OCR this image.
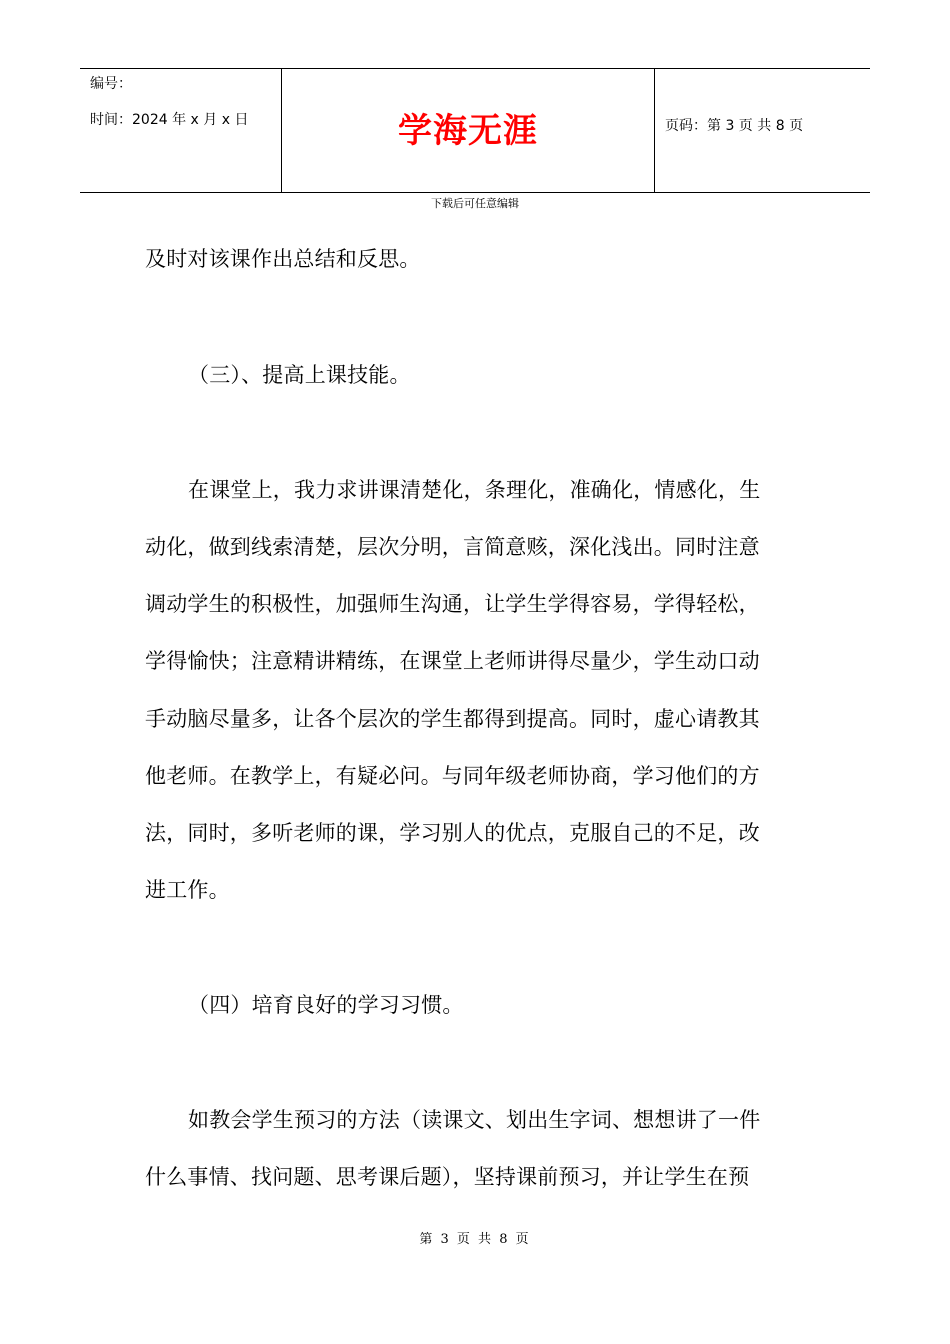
编号：
时间：2024 年 x 月 x 日	学海无涯	页码：第 3 页 共 8 页
下载后可任意编辑
及时对该课作出总结和反思。
（三）、提高上课技能。
在课堂上，我力求讲课清楚化，条理化，准确化，情感化，生
动化，做到线索清楚，层次分明，言简意赅，深化浅出。同时注意
调动学生的积极性，加强师生沟通，让学生学得容易，学得轻松，
学得愉快；注意精讲精练，在课堂上老师讲得尽量少，学生动口动
手动脑尽量多，让各个层次的学生都得到提高。同时，虚心请教其
他老师。在教学上，有疑必问。与同年级老师协商，学习他们的方
法，同时，多听老师的课，学习别人的优点，克服自己的不足，改
进工作。
（四）培育良好的学习习惯。
如教会学生预习的方法（读课文、划出生字词、想想讲了一件
什么事情、找问题、思考课后题），坚持课前预习，并让学生在预
第 3 页 共 8 页
